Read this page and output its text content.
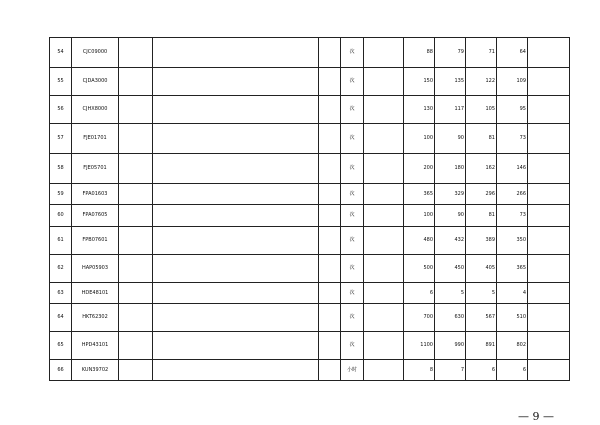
54	CJC09000				次		88	79	71	64	
55	CJDA3000				次		150	135	122	109	
56	CJHX8000				次		130	117	105	95	
57	FJE01701				次		100	90	81	73	
58	FJE05701				次		200	180	162	146	
59	FPA01603				次		365	329	296	266	
60	FPA07605				次		100	90	81	73	
61	FPB07601				次		480	432	389	350	
62	HAP05903				次		500	450	405	365	
63	HDE48101				次		6	5	5	4	
64	HKT62302				次		700	630	567	510	
65	HPD43101				次		1100	990	891	802	
66	KUN39702				小时		8	7	6	6	
— 9 —
